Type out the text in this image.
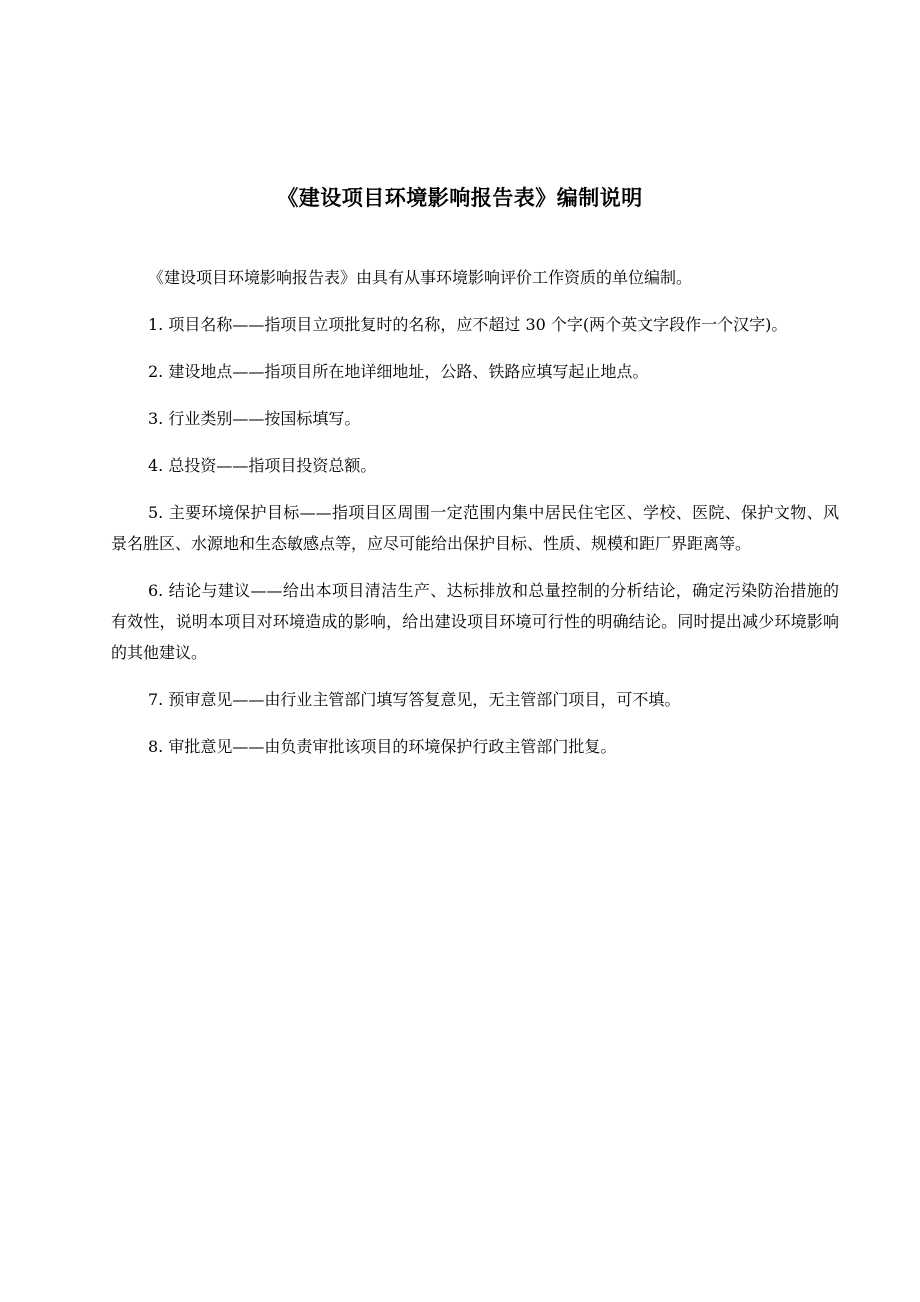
《建设项目环境影响报告表》编制说明

《建设项目环境影响报告表》由具有从事环境影响评价工作资质的单位编制。

1. 项目名称——指项目立项批复时的名称，应不超过 30 个字(两个英文字段作一个汉字)。

2. 建设地点——指项目所在地详细地址，公路、铁路应填写起止地点。

3. 行业类别——按国标填写。

4. 总投资——指项目投资总额。

5. 主要环境保护目标——指项目区周围一定范围内集中居民住宅区、学校、医院、保护文物、风景名胜区、水源地和生态敏感点等，应尽可能给出保护目标、性质、规模和距厂界距离等。

6. 结论与建议——给出本项目清洁生产、达标排放和总量控制的分析结论，确定污染防治措施的有效性，说明本项目对环境造成的影响，给出建设项目环境可行性的明确结论。同时提出减少环境影响的其他建议。

7. 预审意见——由行业主管部门填写答复意见，无主管部门项目，可不填。

8. 审批意见——由负责审批该项目的环境保护行政主管部门批复。
